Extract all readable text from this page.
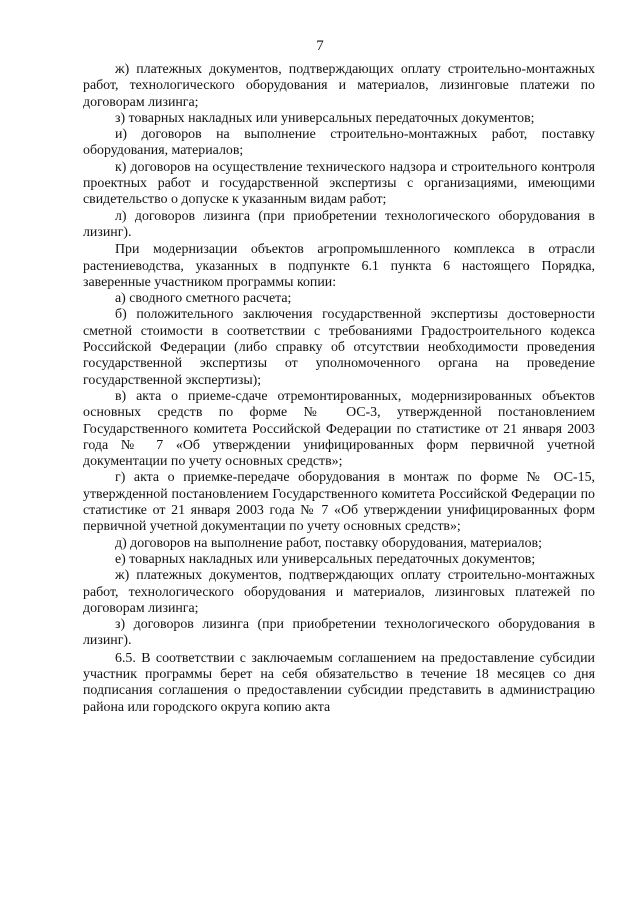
7

ж) платежных документов, подтверждающих оплату строительно-монтажных работ, технологического оборудования и материалов, лизинговые платежи по договорам лизинга;

з) товарных накладных или универсальных передаточных документов;

и) договоров на выполнение строительно-монтажных работ, поставку оборудования, материалов;

к) договоров на осуществление технического надзора и строительного контроля проектных работ и государственной экспертизы с организациями, имеющими свидетельство о допуске к указанным видам работ;

л) договоров лизинга (при приобретении технологического оборудования в лизинг).

При модернизации объектов агропромышленного комплекса в отрасли растениеводства, указанных в подпункте 6.1 пункта 6 настоящего Порядка, заверенные участником программы копии:

а) сводного сметного расчета;

б) положительного заключения государственной экспертизы достоверности сметной стоимости в соответствии с требованиями Градостроительного кодекса Российской Федерации (либо справку об отсутствии необходимости проведения государственной экспертизы от уполномоченного органа на проведение государственной экспертизы);

в) акта о приеме-сдаче отремонтированных, модернизированных объектов основных средств по форме № ОС-3, утвержденной постановлением Государственного комитета Российской Федерации по статистике от 21 января 2003 года № 7 «Об утверждении унифицированных форм первичной учетной документации по учету основных средств»;

г) акта о приемке-передаче оборудования в монтаж по форме № ОС-15, утвержденной постановлением Государственного комитета Российской Федерации по статистике от 21 января 2003 года № 7 «Об утверждении унифицированных форм первичной учетной документации по учету основных средств»;

д) договоров на выполнение работ, поставку оборудования, материалов;

е) товарных накладных или универсальных передаточных документов;

ж) платежных документов, подтверждающих оплату строительно-монтажных работ, технологического оборудования и материалов, лизинговых платежей по договорам лизинга;

з) договоров лизинга (при приобретении технологического оборудования в лизинг).

6.5. В соответствии с заключаемым соглашением на предоставление субсидии участник программы берет на себя обязательство в течение 18 месяцев со дня подписания соглашения о предоставлении субсидии представить в администрацию района или городского округа копию акта
